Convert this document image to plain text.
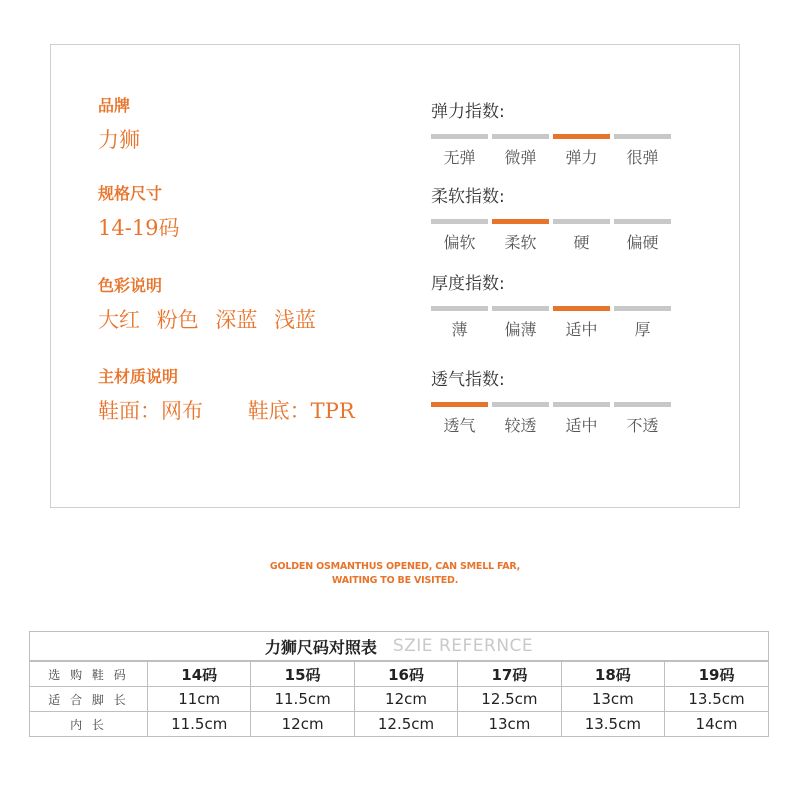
品牌
力狮
规格尺寸
14-19码
色彩说明
大红 粉色 深蓝 浅蓝
主材质说明
鞋面：网布 鞋底：TPR
弹力指数:
无弹	微弹	弹力	很弹
柔软指数:
偏软	柔软	硬	偏硬
厚度指数:
薄	偏薄	适中	厚
透气指数:
透气	较透	适中	不透
GOLDEN OSMANTHUS OPENED, CAN SMELL FAR,
WAITING TO BE VISITED.
力狮尺码对照表 SZIE REFERNCE
选 购 鞋 码	14码	15码	16码	17码	18码	19码
适 合 脚 长	11cm	11.5cm	12cm	12.5cm	13cm	13.5cm
内 长	11.5cm	12cm	12.5cm	13cm	13.5cm	14cm
